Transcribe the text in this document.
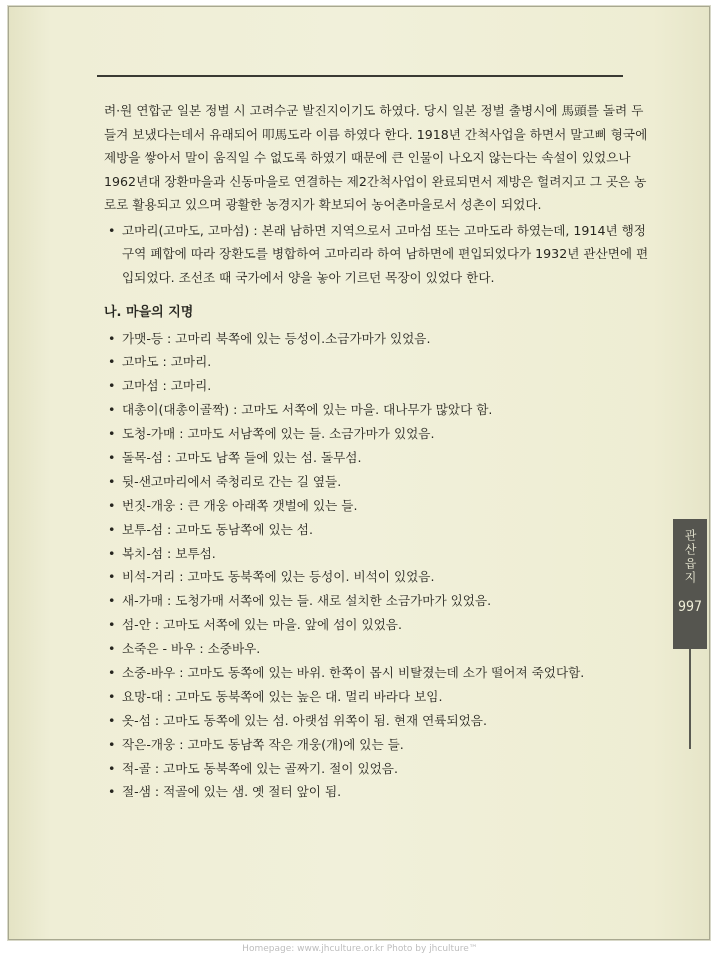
려·원 연합군 일본 정벌 시 고려수군 발진지이기도 하였다. 당시 일본 정벌 출병시에 馬頭를 돌려 두들겨 보냈다는데서 유래되어 叩馬도라 이름 하였다 한다. 1918년 간척사업을 하면서 말고삐 형국에 제방을 쌓아서 말이 움직일 수 없도록 하였기 때문에 큰 인물이 나오지 않는다는 속설이 있었으나 1962년대 장환마을과 신동마을로 연결하는 제2간척사업이 완료되면서 제방은 헐려지고 그 곳은 농로로 활용되고 있으며 광활한 농경지가 확보되어 농어촌마을로서 성촌이 되었다.

• 고마리(고마도, 고마섬) : 본래 남하면 지역으로서 고마섬 또는 고마도라 하였는데, 1914년 행정구역 폐합에 따라 장환도를 병합하여 고마리라 하여 남하면에 편입되었다가 1932년 관산면에 편입되었다. 조선조 때 국가에서 양을 놓아 기르던 목장이 있었다 한다.
나. 마을의 지명
• 가맷-등 : 고마리 북쪽에 있는 등성이.소금가마가 있었음.
• 고마도 : 고마리.
• 고마섬 : 고마리.
• 대총이(대총이골짝) : 고마도 서쪽에 있는 마을. 대나무가 많았다 함.
• 도청-가매 : 고마도 서남쪽에 있는 들. 소금가마가 있었음.
• 돌목-섬 : 고마도 남쪽 들에 있는 섬. 돌무섬.
• 뒷-샌고마리에서 죽청리로 간는 길 옆들.
• 번짓-개웅 : 큰 개웅 아래쪽 갯벌에 있는 들.
• 보투-섬 : 고마도 동남쪽에 있는 섬.
• 복치-섬 : 보투섬.
• 비석-거리 : 고마도 동북쪽에 있는 등성이. 비석이 있었음.
• 새-가매 : 도청가매 서쪽에 있는 들. 새로 설치한 소금가마가 있었음.
• 섬-안 : 고마도 서쪽에 있는 마을. 앞에 섬이 있었음.
• 소죽은 - 바우 : 소중바우.
• 소중-바우 : 고마도 동쪽에 있는 바위. 한쪽이 몹시 비탈졌는데 소가 떨어져 죽었다함.
• 요망-대 : 고마도 동북쪽에 있는 높은 대. 멀리 바라다 보임.
• 옷-섬 : 고마도 동쪽에 있는 섬. 아랫섬 위쪽이 됨. 현재 연륙되었음.
• 작은-개웅 : 고마도 동남쪽 작은 개웅(개)에 있는 들.
• 적-골 : 고마도 동북쪽에 있는 골짜기. 절이 있었음.
• 절-샘 : 적골에 있는 샘. 옛 절터 앞이 됨.
관산읍지
997
Homepage: www.jhculture.or.kr Photo by jhculture™
